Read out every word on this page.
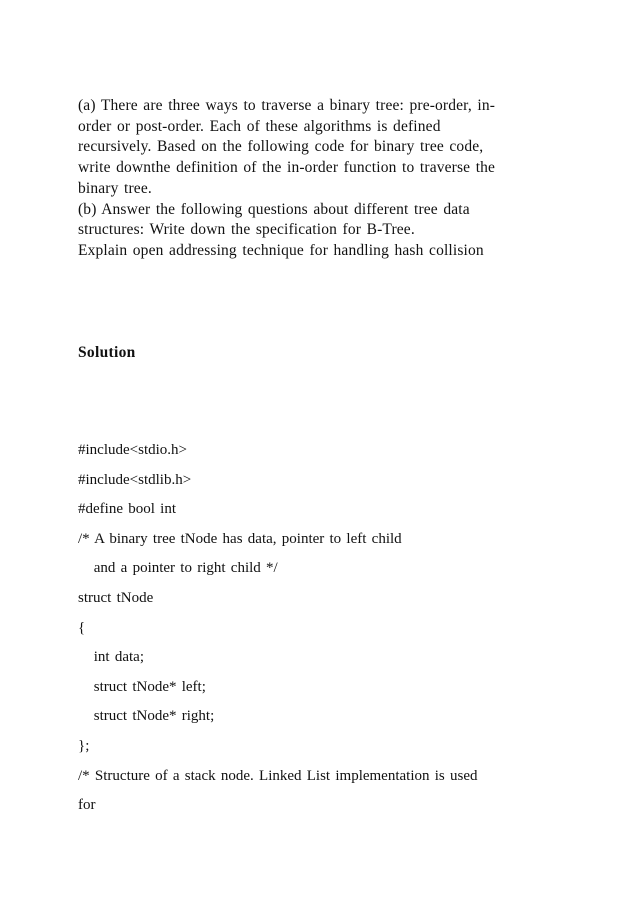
(a) There are three ways to traverse a binary tree: pre-order, in-
order or post-order. Each of these algorithms is defined
recursively. Based on the following code for binary tree code,
write downthe definition of the in-order function to traverse the
binary tree.
(b) Answer the following questions about different tree data
structures: Write down the specification for B-Tree.
Explain open addressing technique for handling hash collision
Solution
#include<stdio.h>
#include<stdlib.h>
#define bool int
/* A binary tree tNode has data, pointer to left child
and a pointer to right child */
struct tNode
{
int data;
struct tNode* left;
struct tNode* right;
};
/* Structure of a stack node. Linked List implementation is used
for
